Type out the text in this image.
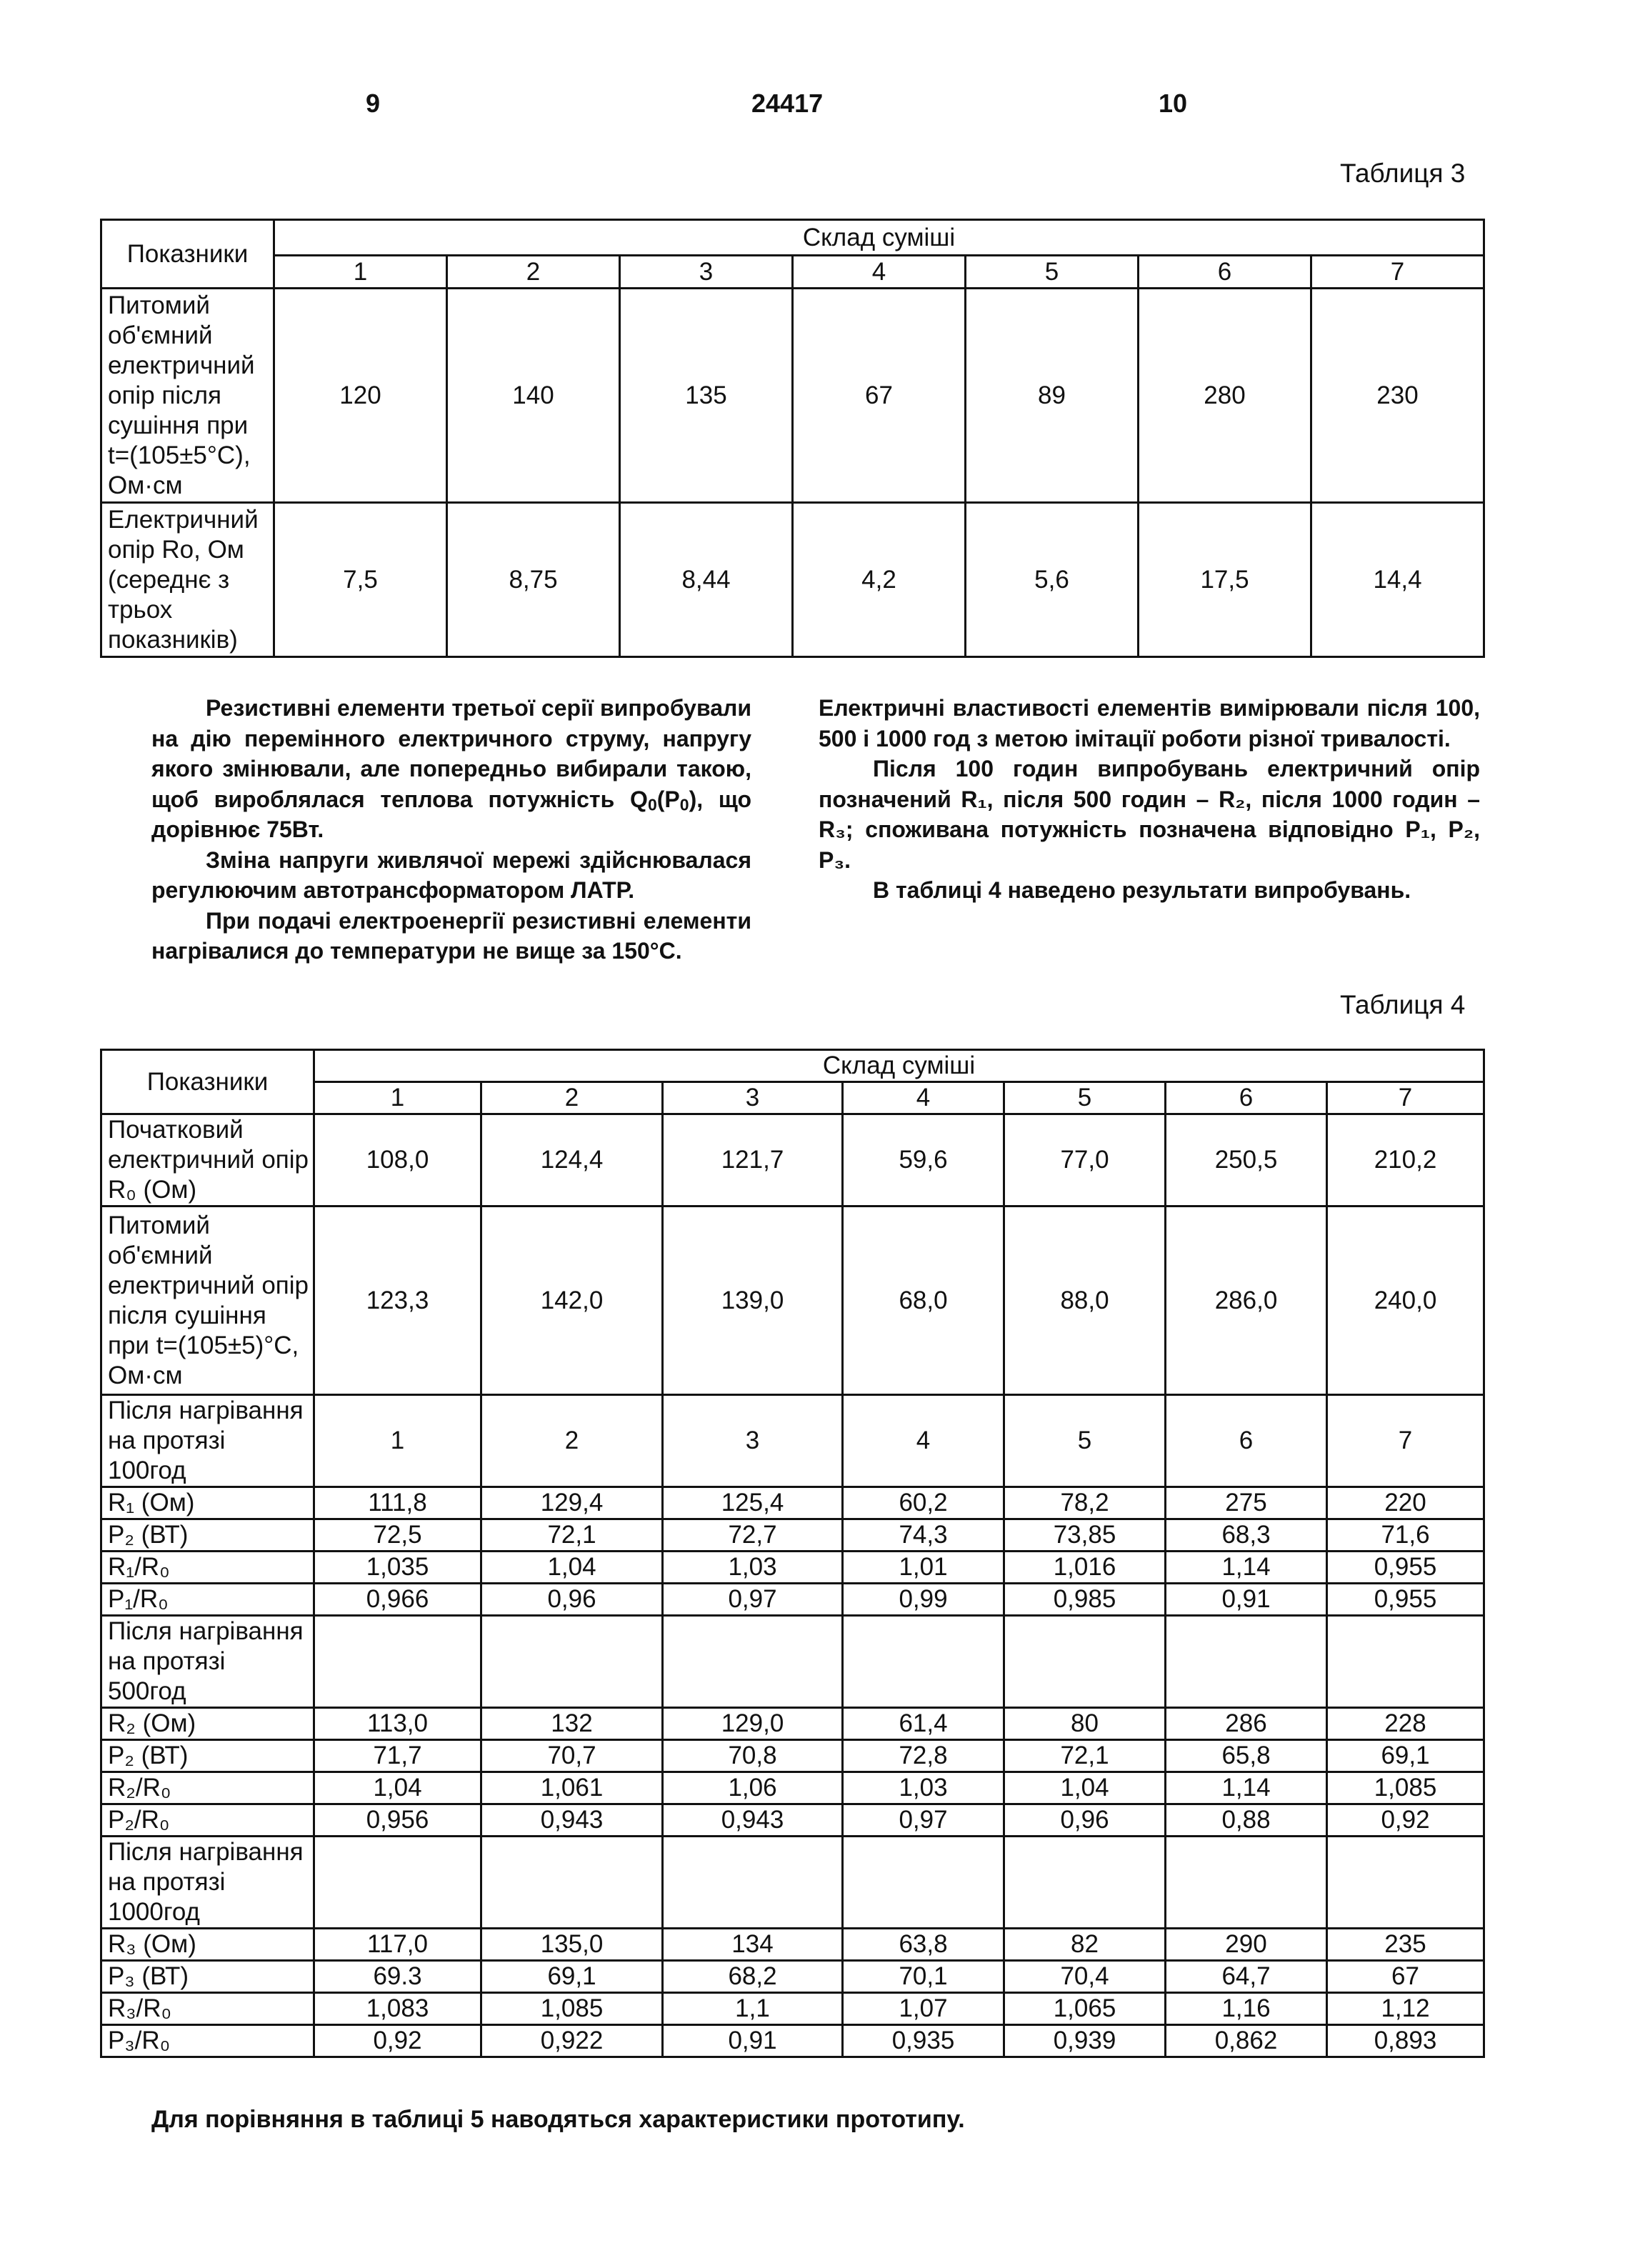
9	24417	10
Таблиця 3
Показники	Склад суміші						
	1	2	3	4	5	6	7
Питомий об'ємний електричний опір після сушіння при t=(105±5°С), Ом·см	120	140	135	67	89	280	230
Електричний опір Ro, Ом (середнє з трьох показників)	7,5	8,75	8,44	4,2	5,6	17,5	14,4

Резистивні елементи третьої серії випробували на дію перемінного електричного струму, напругу якого змінювали, але попередньо вибирали такою, щоб вироблялася теплова потужність $Q_0(P_0)$, що дорівнює 75Вт.

Зміна напруги живлячої мережі здійснювалася регулюючим автотрансформатором ЛАТР.

При подачі електроенергії резистивні елементи нагрівалися до температури не вище за 150°С.

Електричні властивості елементів вимірювали після 100, 500 і 1000 год з метою імітації роботи різної тривалості.

Після 100 годин випробувань електричний опір позначений R₁, після 500 годин – R₂, після 1000 годин – R₃; споживана потужність позначена відповідно P₁, P₂, P₃.

В таблиці 4 наведено результати випробувань.

Таблиця 4
Показники	Склад суміші						
	1	2	3	4	5	6	7
Початковий електричний опір R₀ (Ом)	108,0	124,4	121,7	59,6	77,0	250,5	210,2
Питомий об'ємний електричний опір після сушіння при t=(105±5)°С, Ом·см	123,3	142,0	139,0	68,0	88,0	286,0	240,0
Після нагрівання на протязі 100год	1	2	3	4	5	6	7
R₁ (Ом)	111,8	129,4	125,4	60,2	78,2	275	220
P₂ (ВТ)	72,5	72,1	72,7	74,3	73,85	68,3	71,6
R₁/R₀	1,035	1,04	1,03	1,01	1,016	1,14	0,955
P₁/R₀	0,966	0,96	0,97	0,99	0,985	0,91	0,955
Після нагрівання на протязі 500год							
R₂ (Ом)	113,0	132	129,0	61,4	80	286	228
P₂ (ВТ)	71,7	70,7	70,8	72,8	72,1	65,8	69,1
R₂/R₀	1,04	1,061	1,06	1,03	1,04	1,14	1,085
P₂/R₀	0,956	0,943	0,943	0,97	0,96	0,88	0,92
Після нагрівання на протязі 1000год							
R₃ (Ом)	117,0	135,0	134	63,8	82	290	235
P₃ (ВТ)	69.3	69,1	68,2	70,1	70,4	64,7	67
R₃/R₀	1,083	1,085	1,1	1,07	1,065	1,16	1,12
P₃/R₀	0,92	0,922	0,91	0,935	0,939	0,862	0,893
Для порівняння в таблиці 5 наводяться характеристики прототипу.
